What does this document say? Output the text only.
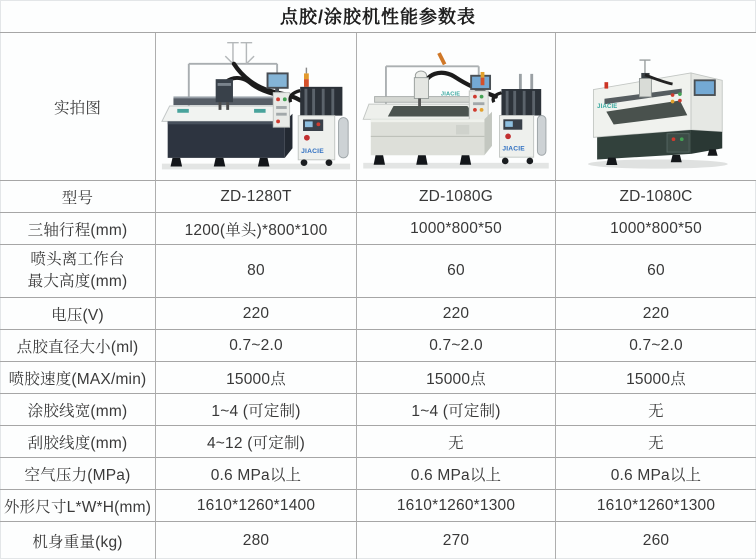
点胶/涂胶机性能参数表
实拍图
JIACIE
JIACIE
JIACIE
JIACIE
型号	ZD-1280T	ZD-1080G	ZD-1080C
三轴行程(mm)	1200(单头)*800*100	1000*800*50	1000*800*50
喷头离工作台
最大高度(mm)
80	60	60
电压(V)	220	220	220
点胶直径大小(ml)	0.7~2.0	0.7~2.0	0.7~2.0
喷胶速度(MAX/min)	15000点	15000点	15000点
涂胶线宽(mm)	1~4 (可定制)	1~4 (可定制)	无
刮胶线度(mm)	4~12 (可定制)	无	无
空气压力(MPa)	0.6 MPa以上	0.6 MPa以上	0.6 MPa以上
外形尺寸L*W*H(mm)	1610*1260*1400	1610*1260*1300	1610*1260*1300
机身重量(kg)	280	270	260
